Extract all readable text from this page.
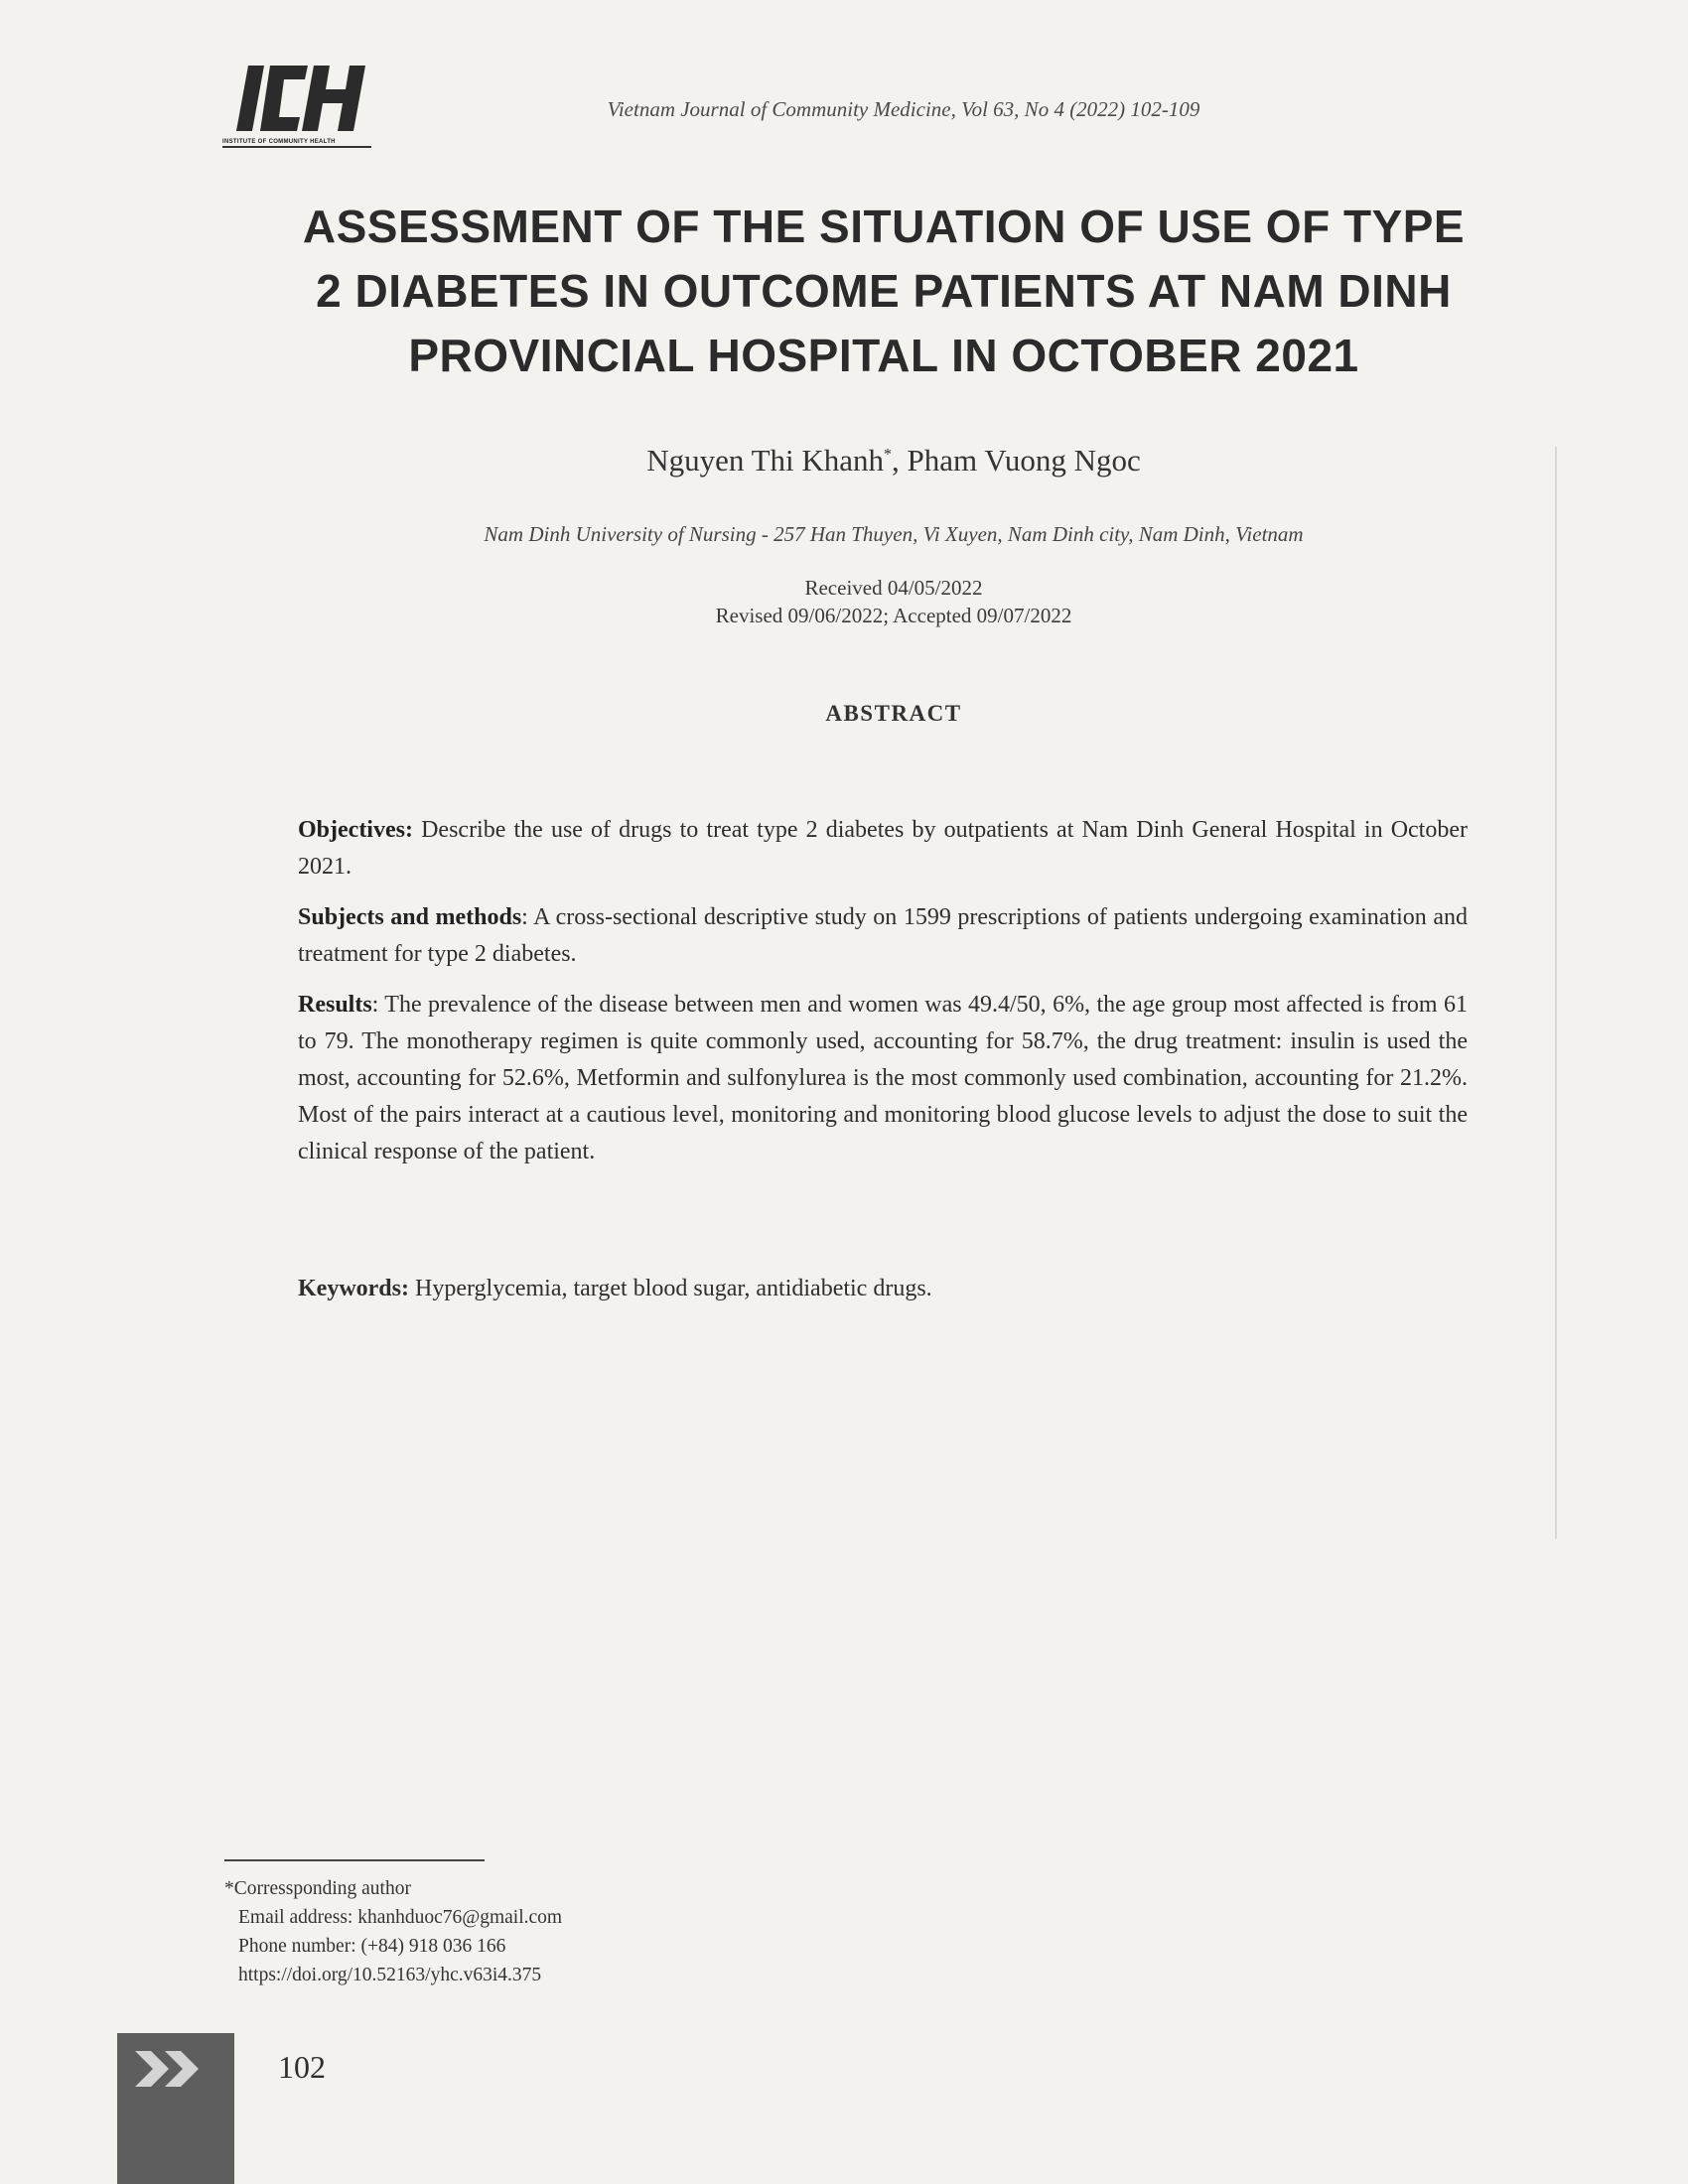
INSTITUTE OF COMMUNITY HEALTH
Vietnam Journal of Community Medicine, Vol 63, No 4 (2022) 102-109
ASSESSMENT OF THE SITUATION OF USE OF TYPE 2 DIABETES IN OUTCOME PATIENTS AT NAM DINH PROVINCIAL HOSPITAL IN OCTOBER 2021
Nguyen Thi Khanh*, Pham Vuong Ngoc
Nam Dinh University of Nursing - 257 Han Thuyen, Vi Xuyen, Nam Dinh city, Nam Dinh, Vietnam
Received 04/05/2022
Revised 09/06/2022; Accepted 09/07/2022
ABSTRACT

Objectives: Describe the use of drugs to treat type 2 diabetes by outpatients at Nam Dinh General Hospital in October 2021.

Subjects and methods: A cross-sectional descriptive study on 1599 prescriptions of patients undergoing examination and treatment for type 2 diabetes.

Results: The prevalence of the disease between men and women was 49.4/50, 6%, the age group most affected is from 61 to 79. The monotherapy regimen is quite commonly used, accounting for 58.7%, the drug treatment: insulin is used the most, accounting for 52.6%, Metformin and sulfonylurea is the most commonly used combination, accounting for 21.2%. Most of the pairs interact at a cautious level, monitoring and monitoring blood glucose levels to adjust the dose to suit the clinical response of the patient.

Keywords: Hyperglycemia, target blood sugar, antidiabetic drugs.
*Corressponding author
Email address: khanhduoc76@gmail.com
Phone number: (+84) 918 036 166
https://doi.org/10.52163/yhc.v63i4.375
102
